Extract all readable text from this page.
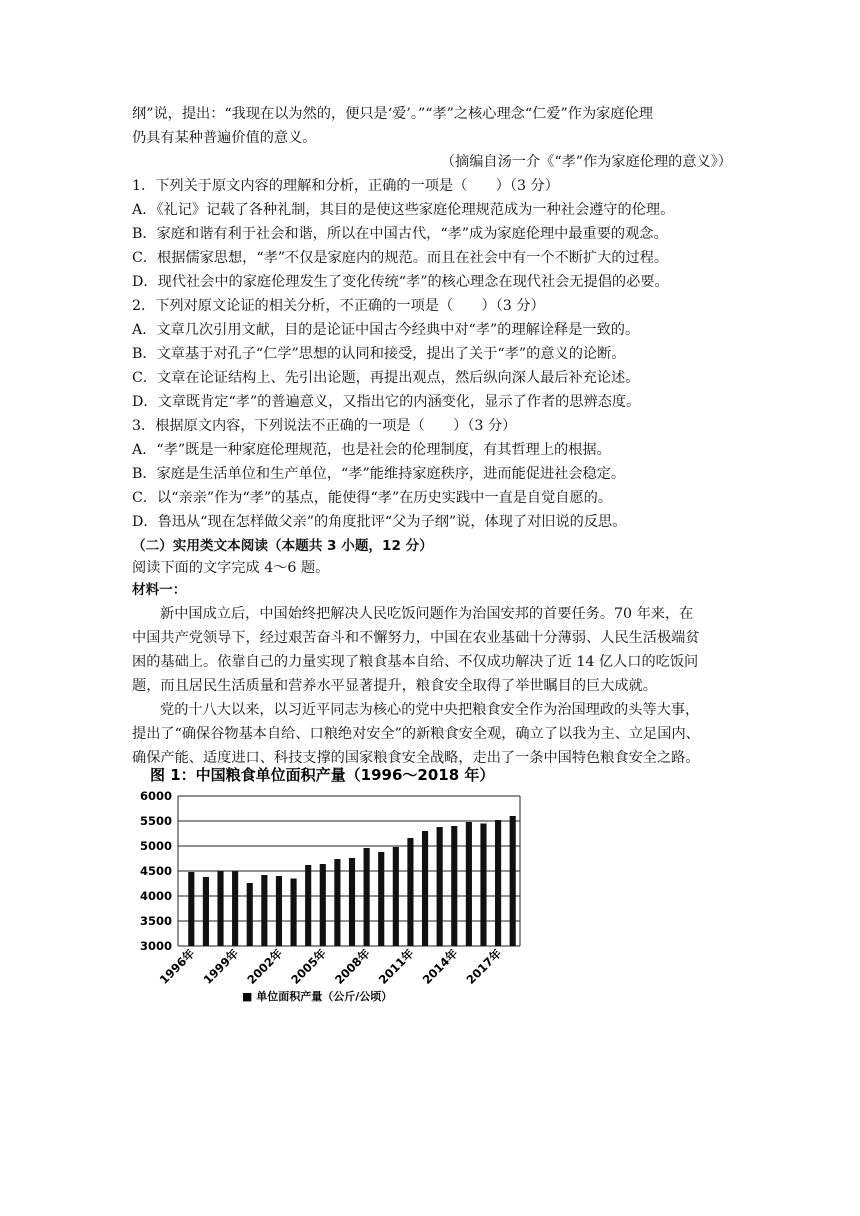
纲”说，提出：“我现在以为然的，便只是‘爱’。”“孝”之核心理念“仁爱”作为家庭伦理
仍具有某种普遍价值的意义。
（摘编自汤一介《“孝”作为家庭伦理的意义》）
1．下列关于原文内容的理解和分析，正确的一项是（　　）（3 分）
A．《礼记》记载了各种礼制，其目的是使这些家庭伦理规范成为一种社会遵守的伦理。
B．家庭和谐有利于社会和谐，所以在中国古代，“孝”成为家庭伦理中最重要的观念。
C．根据儒家思想，“孝”不仅是家庭内的规范。而且在社会中有一个不断扩大的过程。
D．现代社会中的家庭伦理发生了变化传统“孝”的核心理念在现代社会无提倡的必要。
2．下列对原文论证的相关分析，不正确的一项是（　　）（3 分）
A．文章几次引用文献，目的是论证中国古今经典中对“孝”的理解诠释是一致的。
B．文章基于对孔子“仁学”思想的认同和接受，提出了关于“孝”的意义的论断。
C．文章在论证结构上、先引出论题，再提出观点，然后纵向深人最后补充论述。
D．文章既肯定“孝”的普遍意义，又指出它的内涵变化，显示了作者的思辨态度。
3．根据原文内容，下列说法不正确的一项是（　　）（3 分）
A．“孝”既是一种家庭伦理规范，也是社会的伦理制度，有其哲理上的根据。
B．家庭是生活单位和生产单位，“孝”能维持家庭秩序，进而能促进社会稳定。
C．以“亲亲”作为“孝”的基点，能使得“孝”在历史实践中一直是自觉自愿的。
D．鲁迅从“现在怎样做父亲”的角度批评“父为子纲”说，体现了对旧说的反思。
（二）实用类文本阅读（本题共 3 小题，12 分）
阅读下面的文字完成 4～6 题。
材料一：
新中国成立后，中国始终把解决人民吃饭问题作为治国安邦的首要任务。70 年来，在
中国共产党领导下，经过艰苦奋斗和不懈努力，中国在农业基础十分薄弱、人民生活极端贫
困的基础上。依靠自己的力量实现了粮食基本自给、不仅成功解决了近 14 亿人口的吃饭问
题，而且居民生活质量和营养水平显著提升，粮食安全取得了举世瞩目的巨大成就。
党的十八大以来，以习近平同志为核心的党中央把粮食安全作为治国理政的头等大事，
提出了“确保谷物基本自给、口粮绝对安全”的新粮食安全观，确立了以我为主、立足国内、
确保产能、适度进口、科技支撑的国家粮食安全战略，走出了一条中国特色粮食安全之路。
图 1：中国粮食单位面积产量（1996～2018 年）
3000
3500
4000
4500
5000
5500
6000
1996年 1999年 2002年 2005年 2008年 2011年 2014年 2017年
■ 单位面积产量（公斤/公顷）
